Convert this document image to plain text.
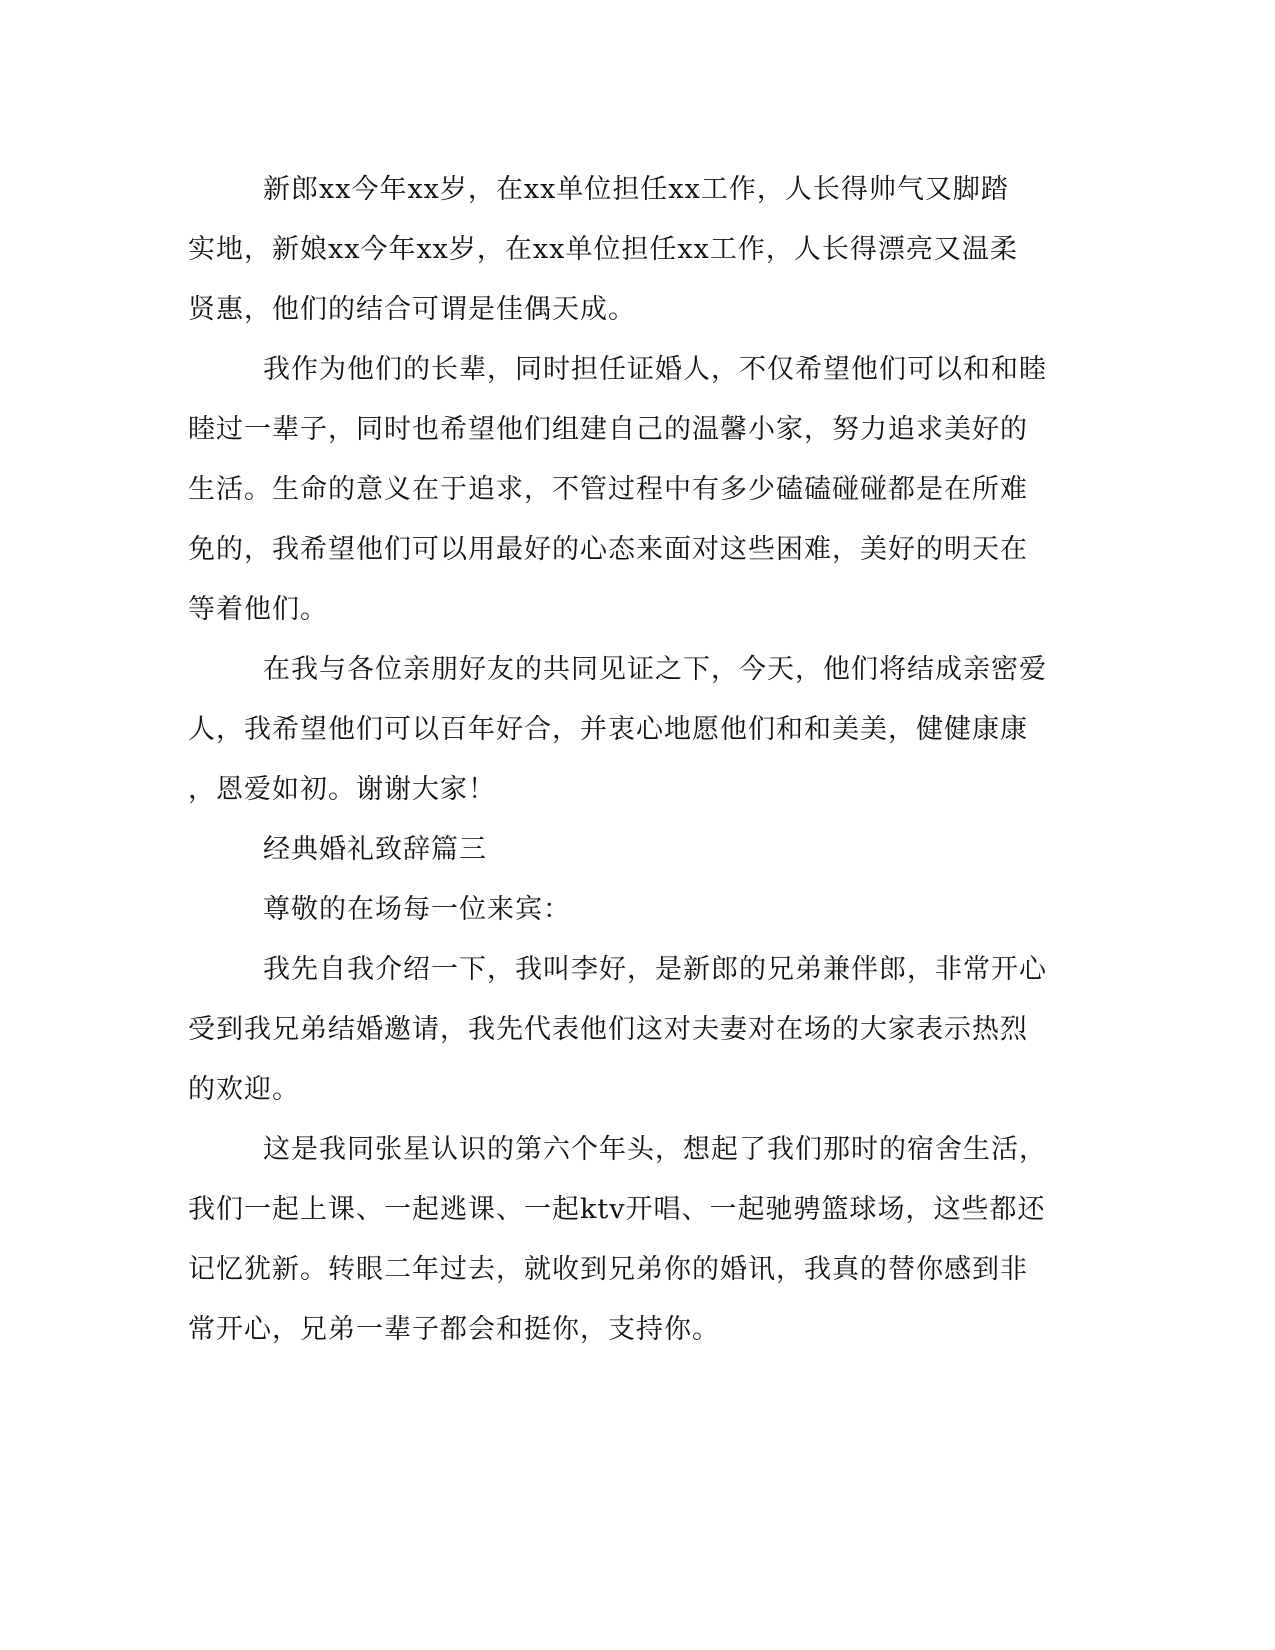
新郎xx今年xx岁，在xx单位担任xx工作，人长得帅气又脚踏
实地，新娘xx今年xx岁，在xx单位担任xx工作，人长得漂亮又温柔
贤惠，他们的结合可谓是佳偶天成。

我作为他们的长辈，同时担任证婚人，不仅希望他们可以和和睦
睦过一辈子，同时也希望他们组建自己的温馨小家，努力追求美好的
生活。生命的意义在于追求，不管过程中有多少磕磕碰碰都是在所难
免的，我希望他们可以用最好的心态来面对这些困难，美好的明天在
等着他们。

在我与各位亲朋好友的共同见证之下，今天，他们将结成亲密爱
人，我希望他们可以百年好合，并衷心地愿他们和和美美，健健康康
，恩爱如初。谢谢大家！

经典婚礼致辞篇三

尊敬的在场每一位来宾：

我先自我介绍一下，我叫李好，是新郎的兄弟兼伴郎，非常开心
受到我兄弟结婚邀请，我先代表他们这对夫妻对在场的大家表示热烈
的欢迎。

这是我同张星认识的第六个年头，想起了我们那时的宿舍生活，
我们一起上课、一起逃课、一起ktv开唱、一起驰骋篮球场，这些都还
记忆犹新。转眼二年过去，就收到兄弟你的婚讯，我真的替你感到非
常开心，兄弟一辈子都会和挺你，支持你。
